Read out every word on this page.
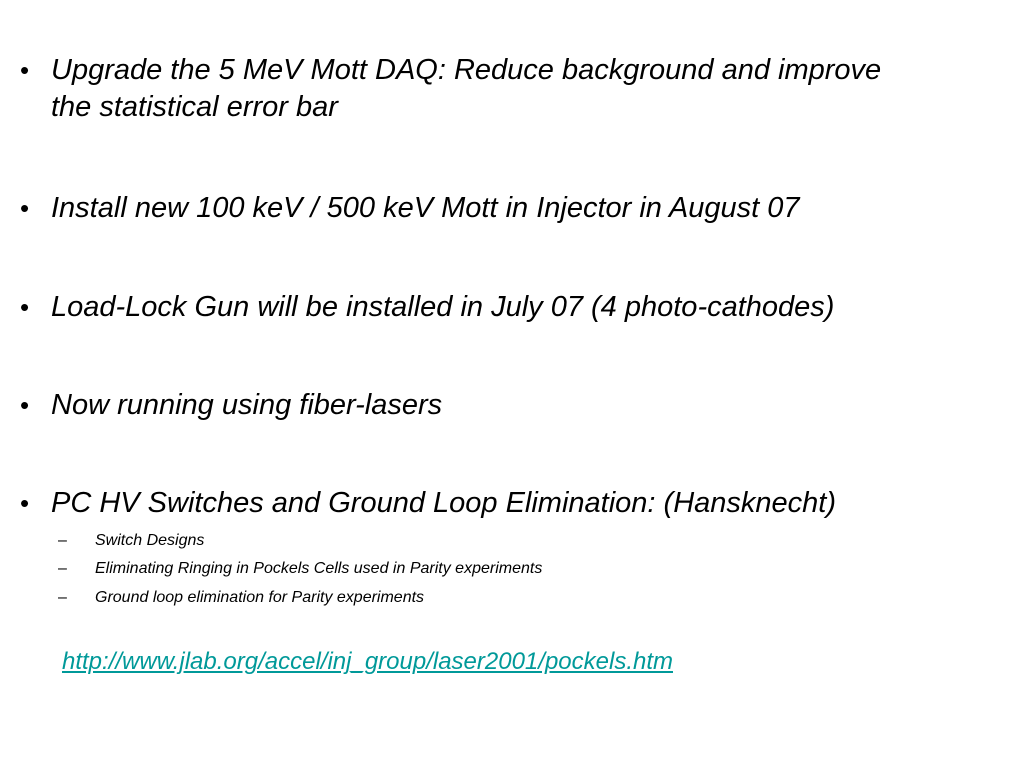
• Upgrade the 5 MeV Mott DAQ: Reduce background and improve the statistical error bar
• Install new 100 keV / 500 keV Mott in Injector in August 07
• Load-Lock Gun will be installed in July 07 (4 photo-cathodes)
• Now running using fiber-lasers
• PC HV Switches and Ground Loop Elimination: (Hansknecht)
– Switch Designs
– Eliminating Ringing in Pockels Cells used in Parity experiments
– Ground loop elimination for Parity experiments
http://www.jlab.org/accel/inj_group/laser2001/pockels.htm
